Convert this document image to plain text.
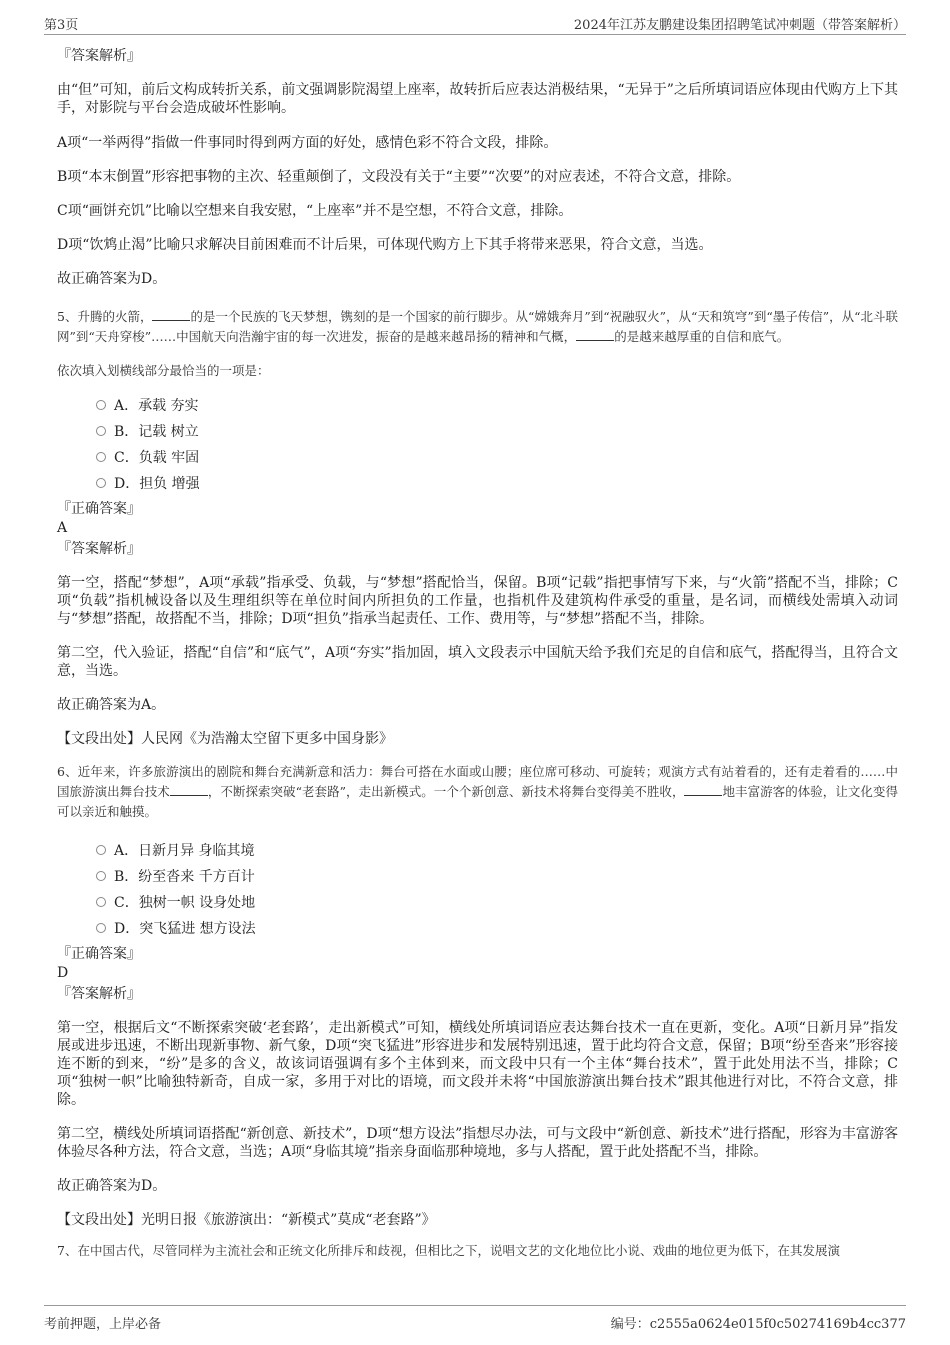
第3页	2024年江苏友鹏建设集团招聘笔试冲刺题（带答案解析）

『答案解析』

由“但”可知，前后文构成转折关系，前文强调影院渴望上座率，故转折后应表达消极结果，“无异于”之后所填词语应体现由代购方上下其手，对影院与平台会造成破坏性影响。

A项“一举两得”指做一件事同时得到两方面的好处，感情色彩不符合文段，排除。

B项“本末倒置”形容把事物的主次、轻重颠倒了，文段没有关于“主要”“次要”的对应表述，不符合文意，排除。

C项“画饼充饥”比喻以空想来自我安慰，“上座率”并不是空想，不符合文意，排除。

D项“饮鸩止渴”比喻只求解决目前困难而不计后果，可体现代购方上下其手将带来恶果，符合文意，当选。

故正确答案为D。

5、升腾的火箭，	的是一个民族的飞天梦想，镌刻的是一个国家的前行脚步。从“嫦娥奔月”到“祝融驭火”，从“天和筑穹”到“墨子传信”，从“北斗联网”到“天舟穿梭”……中国航天向浩瀚宇宙的每一次进发，振奋的是越来越昂扬的精神和气概，	的是越来越厚重的自信和底气。

依次填入划横线部分最恰当的一项是：

A．承载 夯实
B．记载 树立
C．负载 牢固
D．担负 增强

『正确答案』

A

『答案解析』

第一空，搭配“梦想”，A项“承载”指承受、负载，与“梦想”搭配恰当，保留。B项“记载”指把事情写下来，与“火箭”搭配不当，排除；C项“负载”指机械设备以及生理组织等在单位时间内所担负的工作量，也指机件及建筑构件承受的重量，是名词，而横线处需填入动词与“梦想”搭配，故搭配不当，排除；D项“担负”指承当起责任、工作、费用等，与“梦想”搭配不当，排除。

第二空，代入验证，搭配“自信”和“底气”，A项“夯实”指加固，填入文段表示中国航天给予我们充足的自信和底气，搭配得当，且符合文意，当选。

故正确答案为A。

【文段出处】人民网《为浩瀚太空留下更多中国身影》

6、近年来，许多旅游演出的剧院和舞台充满新意和活力：舞台可搭在水面或山腰；座位席可移动、可旋转；观演方式有站着看的，还有走着看的……中国旅游演出舞台技术	，不断探索突破“老套路”，走出新模式。一个个新创意、新技术将舞台变得美不胜收，	地丰富游客的体验，让文化变得可以亲近和触摸。

A．日新月异 身临其境
B．纷至沓来 千方百计
C．独树一帜 设身处地
D．突飞猛进 想方设法

『正确答案』

D

『答案解析』

第一空，根据后文“不断探索突破‘老套路’，走出新模式”可知，横线处所填词语应表达舞台技术一直在更新，变化。A项“日新月异”指发展或进步迅速，不断出现新事物、新气象，D项“突飞猛进”形容进步和发展特别迅速，置于此均符合文意，保留；B项“纷至沓来”形容接连不断的到来，“纷”是多的含义，故该词语强调有多个主体到来，而文段中只有一个主体“舞台技术”，置于此处用法不当，排除；C项“独树一帜”比喻独特新奇，自成一家，多用于对比的语境，而文段并未将“中国旅游演出舞台技术”跟其他进行对比，不符合文意，排除。

第二空，横线处所填词语搭配“新创意、新技术”，D项“想方设法”指想尽办法，可与文段中“新创意、新技术”进行搭配，形容为丰富游客体验尽各种方法，符合文意，当选；A项“身临其境”指亲身面临那种境地，多与人搭配，置于此处搭配不当，排除。

故正确答案为D。

【文段出处】光明日报《旅游演出：“新模式”莫成“老套路”》

7、在中国古代，尽管同样为主流社会和正统文化所排斥和歧视，但相比之下，说唱文艺的文化地位比小说、戏曲的地位更为低下，在其发展演

考前押题，上岸必备	编号：c2555a0624e015f0c50274169b4cc377
